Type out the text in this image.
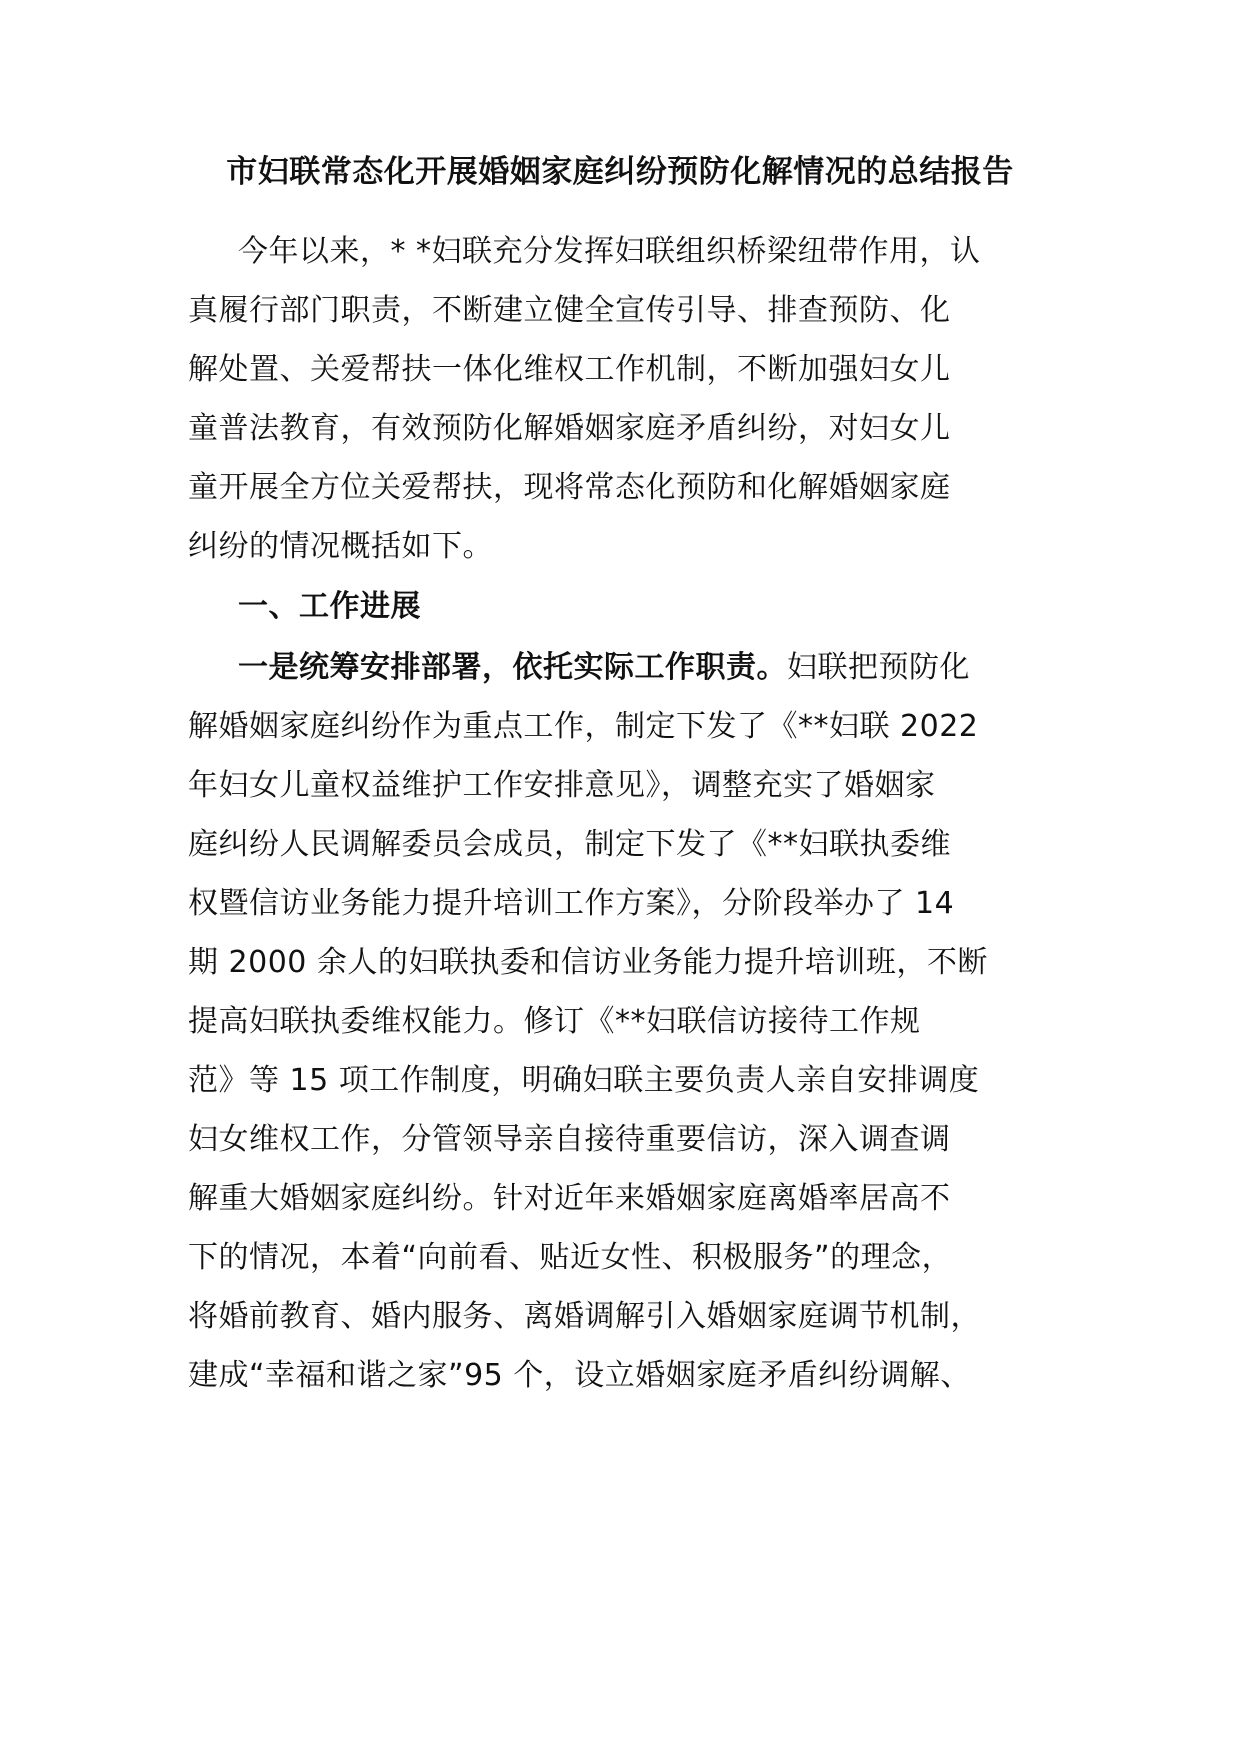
市妇联常态化开展婚姻家庭纠纷预防化解情况的总结报告
今年以来，* *妇联充分发挥妇联组织桥梁纽带作用，认
真履行部门职责，不断建立健全宣传引导、排查预防、化
解处置、关爱帮扶一体化维权工作机制，不断加强妇女儿
童普法教育，有效预防化解婚姻家庭矛盾纠纷，对妇女儿
童开展全方位关爱帮扶，现将常态化预防和化解婚姻家庭
纠纷的情况概括如下。
一、工作进展
一是统筹安排部署，依托实际工作职责。妇联把预防化
解婚姻家庭纠纷作为重点工作，制定下发了《**妇联 2022
年妇女儿童权益维护工作安排意见》，调整充实了婚姻家
庭纠纷人民调解委员会成员，制定下发了《**妇联执委维
权暨信访业务能力提升培训工作方案》，分阶段举办了 14
期 2000 余人的妇联执委和信访业务能力提升培训班，不断
提高妇联执委维权能力。修订《**妇联信访接待工作规
范》等 15 项工作制度，明确妇联主要负责人亲自安排调度
妇女维权工作，分管领导亲自接待重要信访，深入调查调
解重大婚姻家庭纠纷。针对近年来婚姻家庭离婚率居高不
下的情况，本着“向前看、贴近女性、积极服务”的理念，
将婚前教育、婚内服务、离婚调解引入婚姻家庭调节机制，
建成“幸福和谐之家”95 个，设立婚姻家庭矛盾纠纷调解、
